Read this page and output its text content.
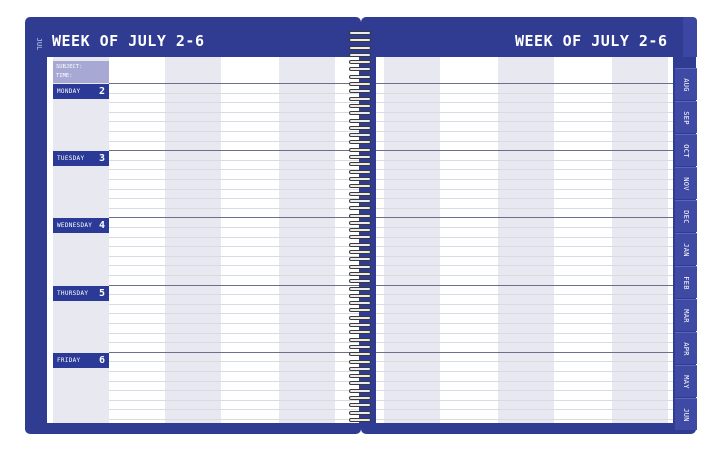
JUL WEEK OF JULY 2-6	WEEK OF JULY 2-6
SUBJECT:
TIME:
MONDAY 2
TUESDAY 3
WEDNESDAY 4
THURSDAY 5
FRIDAY 6
AUG
SEP
OCT
NOV
DEC
JAN
FEB
MAR
APR
MAY
JUN
